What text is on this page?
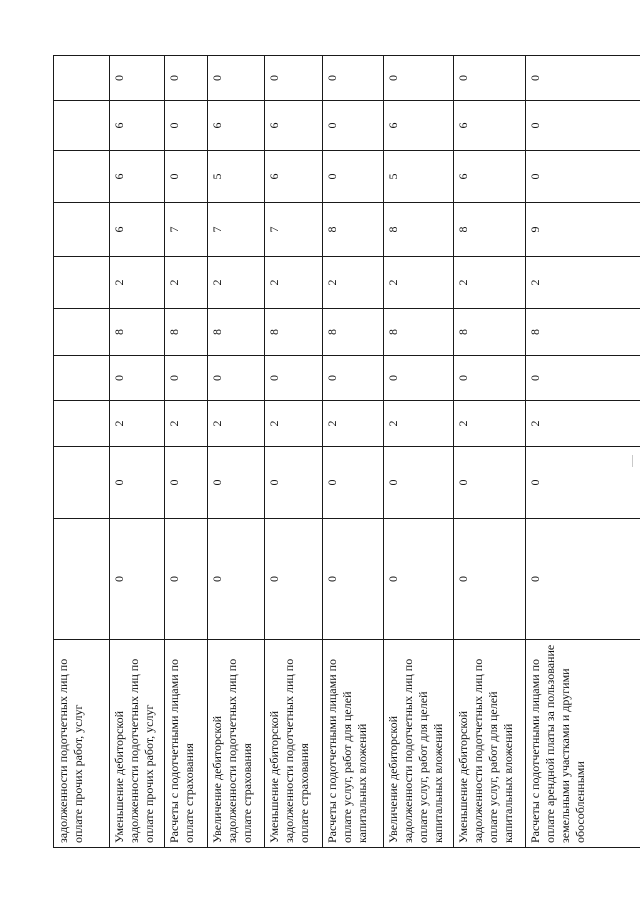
задолженности подотчетных лиц по оплате прочих работ, услуг										
Уменьшение дебиторской задолженности подотчетных лиц по оплате прочих работ, услуг	0	0	2	0	8	2	6	6	6	0
Расчеты с подотчетными лицами по оплате страхования	0	0	2	0	8	2	7	0	0	0
Увеличение дебиторской задолженности подотчетных лиц по оплате страхования	0	0	2	0	8	2	7	5	6	0
Уменьшение дебиторской задолженности подотчетных лиц по оплате страхования	0	0	2	0	8	2	7	6	6	0
Расчеты с подотчетными лицами по оплате услуг, работ для целей капитальных вложений	0	0	2	0	8	2	8	0	0	0
Увеличение дебиторской задолженности подотчетных лиц по оплате услуг, работ для целей капитальных вложений	0	0	2	0	8	2	8	5	6	0
Уменьшение дебиторской задолженности подотчетных лиц по оплате услуг, работ для целей капитальных вложений	0	0	2	0	8	2	8	6	6	0
Расчеты с подотчетными лицами по оплате арендной платы за пользование земельными участками и другими обособленными	0	0	2	0	8	2	9	0	0	0
